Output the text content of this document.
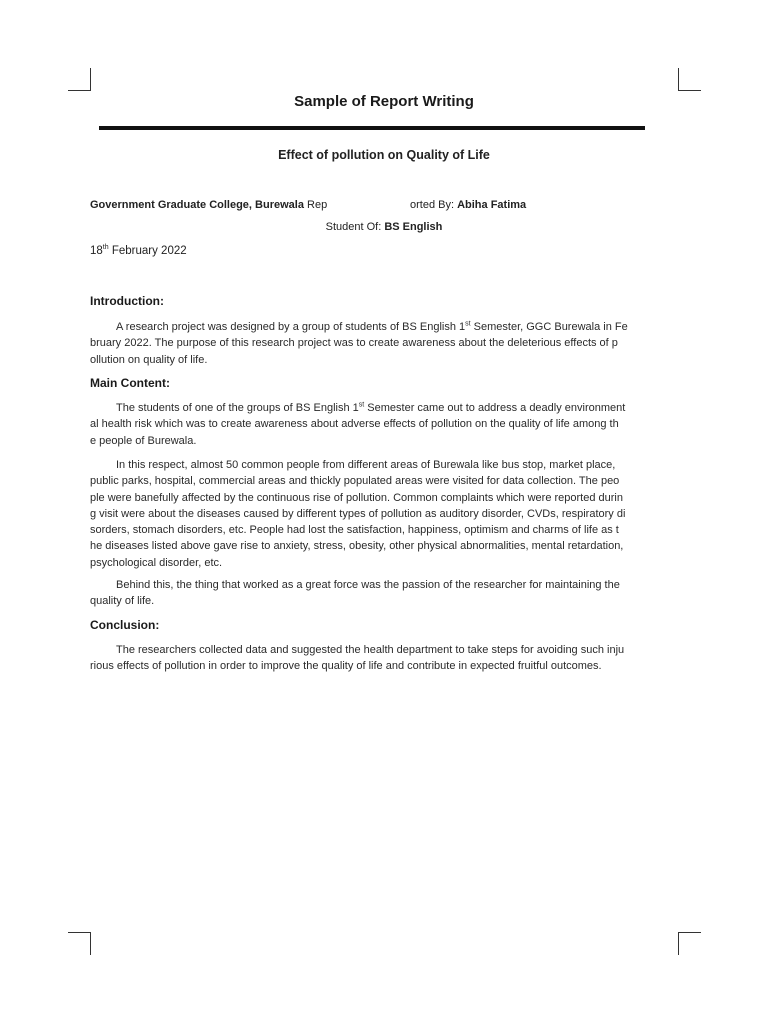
Sample of Report Writing
Effect of pollution on Quality of Life
Government Graduate College, Burewala Rep	orted By: Abiha Fatima
Student Of: BS English
18th February 2022
Introduction:
A research project was designed by a group of students of BS English 1st Semester, GGC Burewala in Fe
bruary 2022. The purpose of this research project was to create awareness about the deleterious effects of p
ollution on quality of life.
Main Content:
The students of one of the groups of BS English 1st Semester came out to address a deadly environment
al health risk which was to create awareness about adverse effects of pollution on the quality of life among th
e people of Burewala.
In this respect, almost 50 common people from different areas of Burewala like bus stop, market place,
public parks, hospital, commercial areas and thickly populated areas were visited for data collection. The peo
ple were banefully affected by the continuous rise of pollution. Common complaints which were reported durin
g visit were about the diseases caused by different types of pollution as auditory disorder, CVDs, respiratory di
sorders, stomach disorders, etc. People had lost the satisfaction, happiness, optimism and charms of life as t
he diseases listed above gave rise to anxiety, stress, obesity, other physical abnormalities, mental retardation,
psychological disorder, etc.
Behind this, the thing that worked as a great force was the passion of the researcher for maintaining the
quality of life.
Conclusion:
The researchers collected data and suggested the health department to take steps for avoiding such inju
rious effects of pollution in order to improve the quality of life and contribute in expected fruitful outcomes.
